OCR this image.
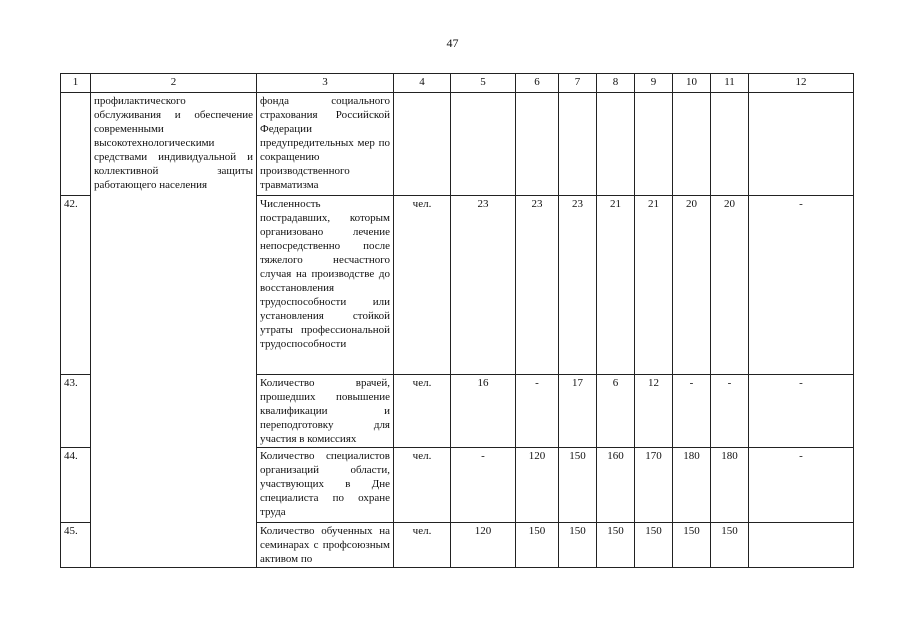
47
1	2	3	4	5	6	7	8	9	10	11	12
	профилактического обслуживания и обеспечение современными высокотехнологическими средствами индивидуальной и коллективной защиты работающего населения	фонда социального страхования Российской Федерации предупредительных мер по сокращению производственного травматизма									
42.		Численность пострадавших, которым организовано лечение непосредственно после тяжелого несчастного случая на производстве до восстановления трудоспособности или установления стойкой утраты профессиональной трудоспособности	чел.	23	23	23	21	21	20	20	-
43.		Количество врачей, прошедших повышение квалификации и переподготовку для участия в комиссиях	чел.	16	-	17	6	12	-	-	-
44.		Количество специалистов организаций области, участвующих в Дне специалиста по охране труда	чел.	-	120	150	160	170	180	180	-
45.		Количество обученных на семинарах с профсоюзным активом по	чел.	120	150	150	150	150	150	150	
